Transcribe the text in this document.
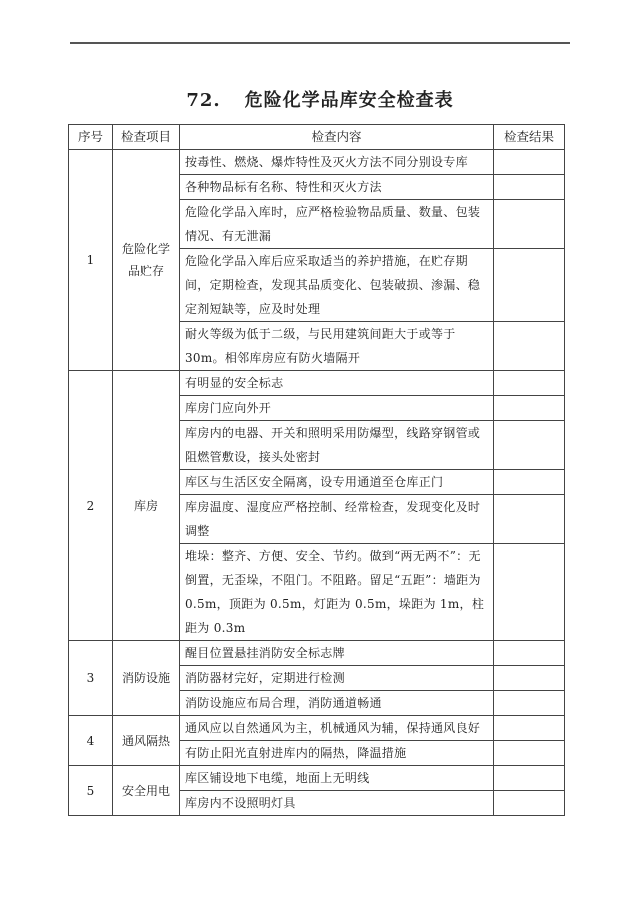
72. 危险化学品库安全检查表
序号	检查项目	检查内容	检查结果
1	危险化学品贮存	按毒性、燃烧、爆炸特性及灭火方法不同分别设专库	
		各种物品标有名称、特性和灭火方法	
		危险化学品入库时，应严格检验物品质量、数量、包装情况、有无泄漏	
		危险化学品入库后应采取适当的养护措施，在贮存期间，定期检查，发现其品质变化、包装破损、渗漏、稳定剂短缺等，应及时处理	
		耐火等级为低于二级，与民用建筑间距大于或等于30m。相邻库房应有防火墙隔开	
2	库房	有明显的安全标志	
		库房门应向外开	
		库房内的电器、开关和照明采用防爆型，线路穿钢管或阻燃管敷设，接头处密封	
		库区与生活区安全隔离，设专用通道至仓库正门	
		库房温度、湿度应严格控制、经常检查，发现变化及时调整	
		堆垛：整齐、方便、安全、节约。做到“两无两不”：无倒置，无歪垛，不阻门。不阻路。留足“五距”：墙距为 0.5m，顶距为 0.5m，灯距为 0.5m，垛距为 1m，柱距为 0.3m	
3	消防设施	醒目位置悬挂消防安全标志牌	
		消防器材完好，定期进行检测	
		消防设施应布局合理，消防通道畅通	
4	通风隔热	通风应以自然通风为主，机械通风为辅，保持通风良好	
		有防止阳光直射进库内的隔热，降温措施	
5	安全用电	库区铺设地下电缆，地面上无明线	
		库房内不设照明灯具	
